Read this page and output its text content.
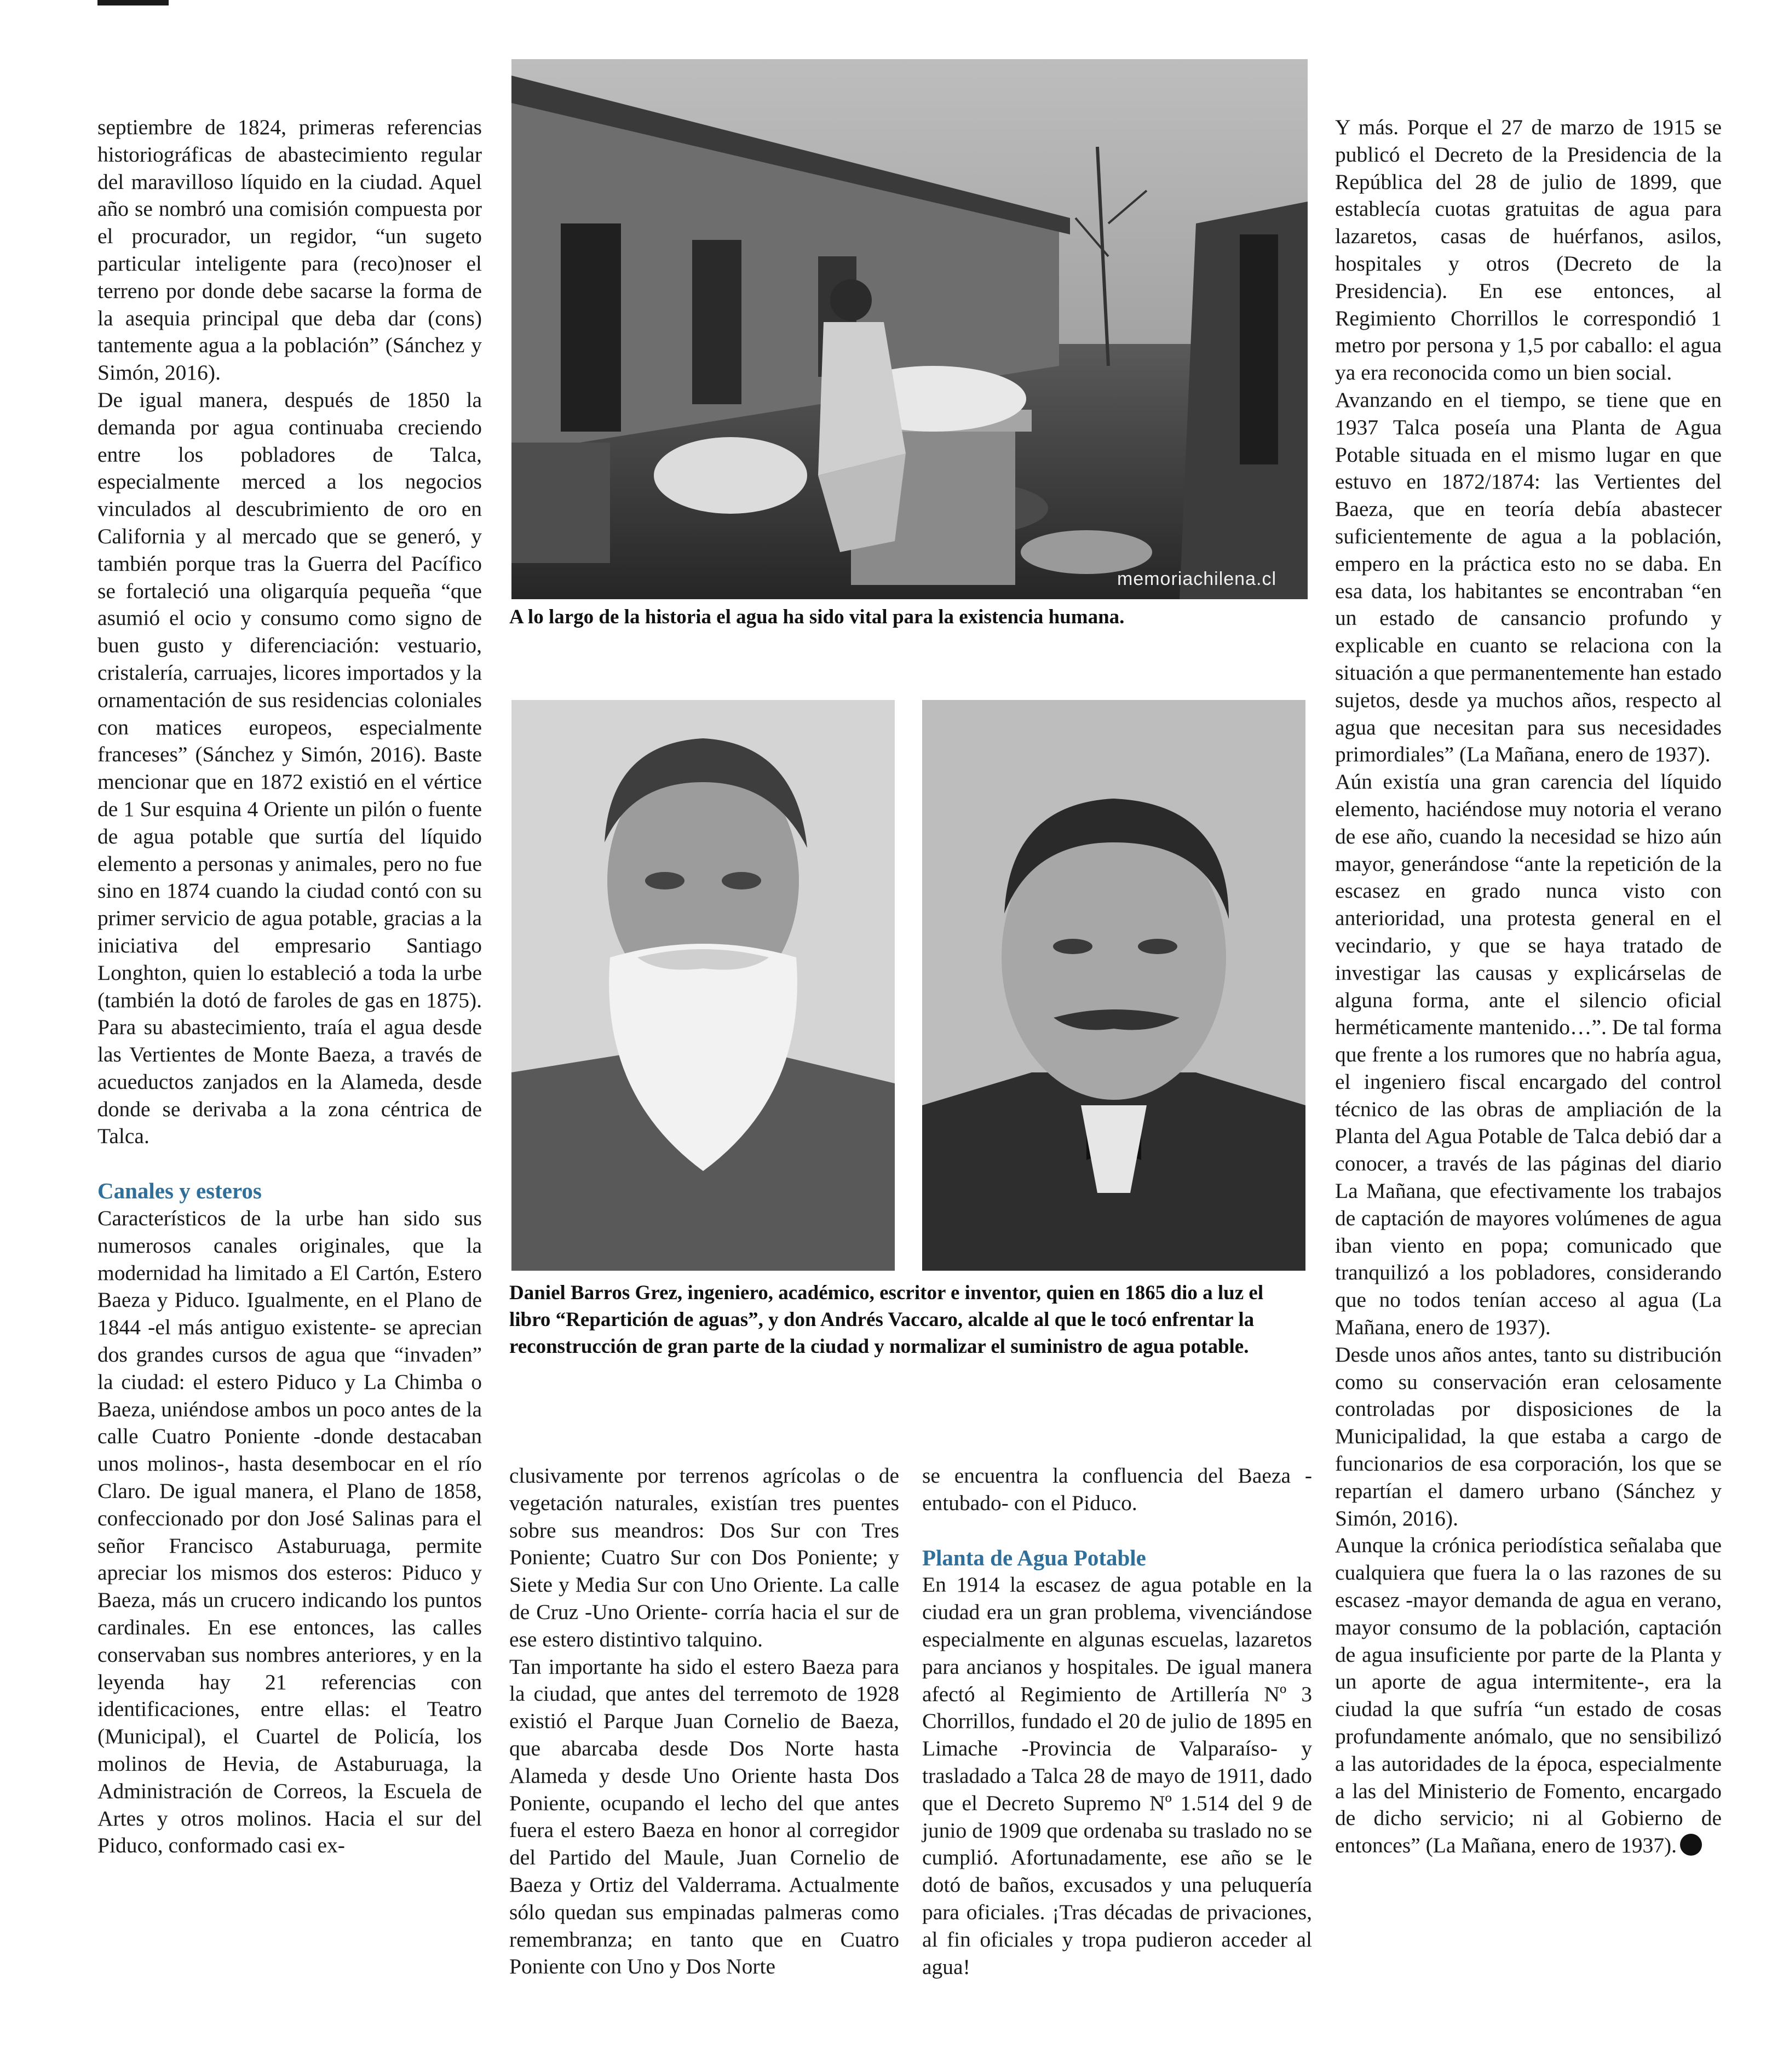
septiembre de 1824, primeras referencias historiográficas de abastecimiento regular del maravilloso líquido en la ciudad. Aquel año se nombró una comisión compuesta por el procurador, un regidor, “un sugeto particular inteligente para (reco)noser el terreno por donde debe sacarse la forma de la asequia principal que deba dar (cons) tantemente agua a la población” (Sánchez y Simón, 2016).

De igual manera, después de 1850 la demanda por agua continuaba creciendo entre los pobladores de Talca, especialmente merced a los negocios vinculados al descubrimiento de oro en California y al mercado que se generó, y también porque tras la Guerra del Pacífico se fortaleció una oligarquía pequeña “que asumió el ocio y consumo como signo de buen gusto y diferenciación: vestuario, cristalería, carruajes, licores importados y la ornamentación de sus residencias coloniales con matices europeos, especialmente franceses” (Sánchez y Simón, 2016). Baste mencionar que en 1872 existió en el vértice de 1 Sur esquina 4 Oriente un pilón o fuente de agua potable que surtía del líquido elemento a personas y animales, pero no fue sino en 1874 cuando la ciudad contó con su primer servicio de agua potable, gracias a la iniciativa del empresario Santiago Longhton, quien lo estableció a toda la urbe (también la dotó de faroles de gas en 1875). Para su abastecimiento, traía el agua desde las Vertientes de Monte Baeza, a través de acueductos zanjados en la Alameda, desde donde se derivaba a la zona céntrica de Talca.

Canales y esteros

Característicos de la urbe han sido sus numerosos canales originales, que la modernidad ha limitado a El Cartón, Estero Baeza y Piduco. Igualmente, en el Plano de 1844 -el más antiguo existente- se aprecian dos grandes cursos de agua que “invaden” la ciudad: el estero Piduco y La Chimba o Baeza, uniéndose ambos un poco antes de la calle Cuatro Poniente -donde destacaban unos molinos-, hasta desembocar en el río Claro. De igual manera, el Plano de 1858, confeccionado por don José Salinas para el señor Francisco Astaburuaga, permite apreciar los mismos dos esteros: Piduco y Baeza, más un crucero indicando los puntos cardinales. En ese entonces, las calles conservaban sus nombres anteriores, y en la leyenda hay 21 referencias con identificaciones, entre ellas: el Teatro (Municipal), el Cuartel de Policía, los molinos de Hevia, de Astaburuaga, la Administración de Correos, la Escuela de Artes y otros molinos. Hacia el sur del Piduco, conformado casi ex-

Y más. Porque el 27 de marzo de 1915 se publicó el Decreto de la Presidencia de la República del 28 de julio de 1899, que establecía cuotas gratuitas de agua para lazaretos, casas de huérfanos, asilos, hospitales y otros (Decreto de la Presidencia). En ese entonces, al Regimiento Chorrillos le correspondió 1 metro por persona y 1,5 por caballo: el agua ya era reconocida como un bien social.

Avanzando en el tiempo, se tiene que en 1937 Talca poseía una Planta de Agua Potable situada en el mismo lugar en que estuvo en 1872/1874: las Vertientes del Baeza, que en teoría debía abastecer suficientemente de agua a la población, empero en la práctica esto no se daba. En esa data, los habitantes se encontraban “en un estado de cansancio profundo y explicable en cuanto se relaciona con la situación a que permanentemente han estado sujetos, desde ya muchos años, respecto al agua que necesitan para sus necesidades primordiales” (La Mañana, enero de 1937).

Aún existía una gran carencia del líquido elemento, haciéndose muy notoria el verano de ese año, cuando la necesidad se hizo aún mayor, generándose “ante la repetición de la escasez en grado nunca visto con anterioridad, una protesta general en el vecindario, y que se haya tratado de investigar las causas y explicárselas de alguna forma, ante el silencio oficial herméticamente mantenido…”. De tal forma que frente a los rumores que no habría agua, el ingeniero fiscal encargado del control técnico de las obras de ampliación de la Planta del Agua Potable de Talca debió dar a conocer, a través de las páginas del diario La Mañana, que efectivamente los trabajos de captación de mayores volúmenes de agua iban viento en popa; comunicado que tranquilizó a los pobladores, considerando que no todos tenían acceso al agua (La Mañana, enero de 1937).

Desde unos años antes, tanto su distribución como su conservación eran celosamente controladas por disposiciones de la Municipalidad, la que estaba a cargo de funcionarios de esa corporación, los que se repartían el damero urbano (Sánchez y Simón, 2016).

Aunque la crónica periodística señalaba que cualquiera que fuera la o las razones de su escasez -mayor demanda de agua en verano, mayor consumo de la población, captación de agua insuficiente por parte de la Planta y un aporte de agua intermitente-, era la ciudad la que sufría “un estado de cosas profundamente anómalo, que no sensibilizó a las autoridades de la época, especialmente a las del Ministerio de Fomento, encargado de dicho servicio; ni al Gobierno de entonces” (La Mañana, enero de 1937).

clusivamente por terrenos agrícolas o de vegetación naturales, existían tres puentes sobre sus meandros: Dos Sur con Tres Poniente; Cuatro Sur con Dos Poniente; y Siete y Media Sur con Uno Oriente. La calle de Cruz -Uno Oriente- corría hacia el sur de ese estero distintivo talquino.

Tan importante ha sido el estero Baeza para la ciudad, que antes del terremoto de 1928 existió el Parque Juan Cornelio de Baeza, que abarcaba desde Dos Norte hasta Alameda y desde Uno Oriente hasta Dos Poniente, ocupando el lecho del que antes fuera el estero Baeza en honor al corregidor del Partido del Maule, Juan Cornelio de Baeza y Ortiz del Valderrama. Actualmente sólo quedan sus empinadas palmeras como remembranza; en tanto que en Cuatro Poniente con Uno y Dos Norte

se encuentra la confluencia del Baeza -entubado- con el Piduco.

Planta de Agua Potable

En 1914 la escasez de agua potable en la ciudad era un gran problema, vivenciándose especialmente en algunas escuelas, lazaretos para ancianos y hospitales. De igual manera afectó al Regimiento de Artillería Nº 3 Chorrillos, fundado el 20 de julio de 1895 en Limache -Provincia de Valparaíso- y trasladado a Talca 28 de mayo de 1911, dado que el Decreto Supremo Nº 1.514 del 9 de junio de 1909 que ordenaba su traslado no se cumplió. Afortunadamente, ese año se le dotó de baños, excusados y una peluquería para oficiales. ¡Tras décadas de privaciones, al fin oficiales y tropa pudieron acceder al agua!

memoriachilena.cl
A lo largo de la historia el agua ha sido vital para la existencia humana.
Daniel Barros Grez, ingeniero, académico, escritor e inventor, quien en 1865 dio a luz el libro “Repartición de aguas”, y don Andrés Vaccaro, alcalde al que le tocó enfrentar la reconstrucción de gran parte de la ciudad y normalizar el suministro de agua potable.
